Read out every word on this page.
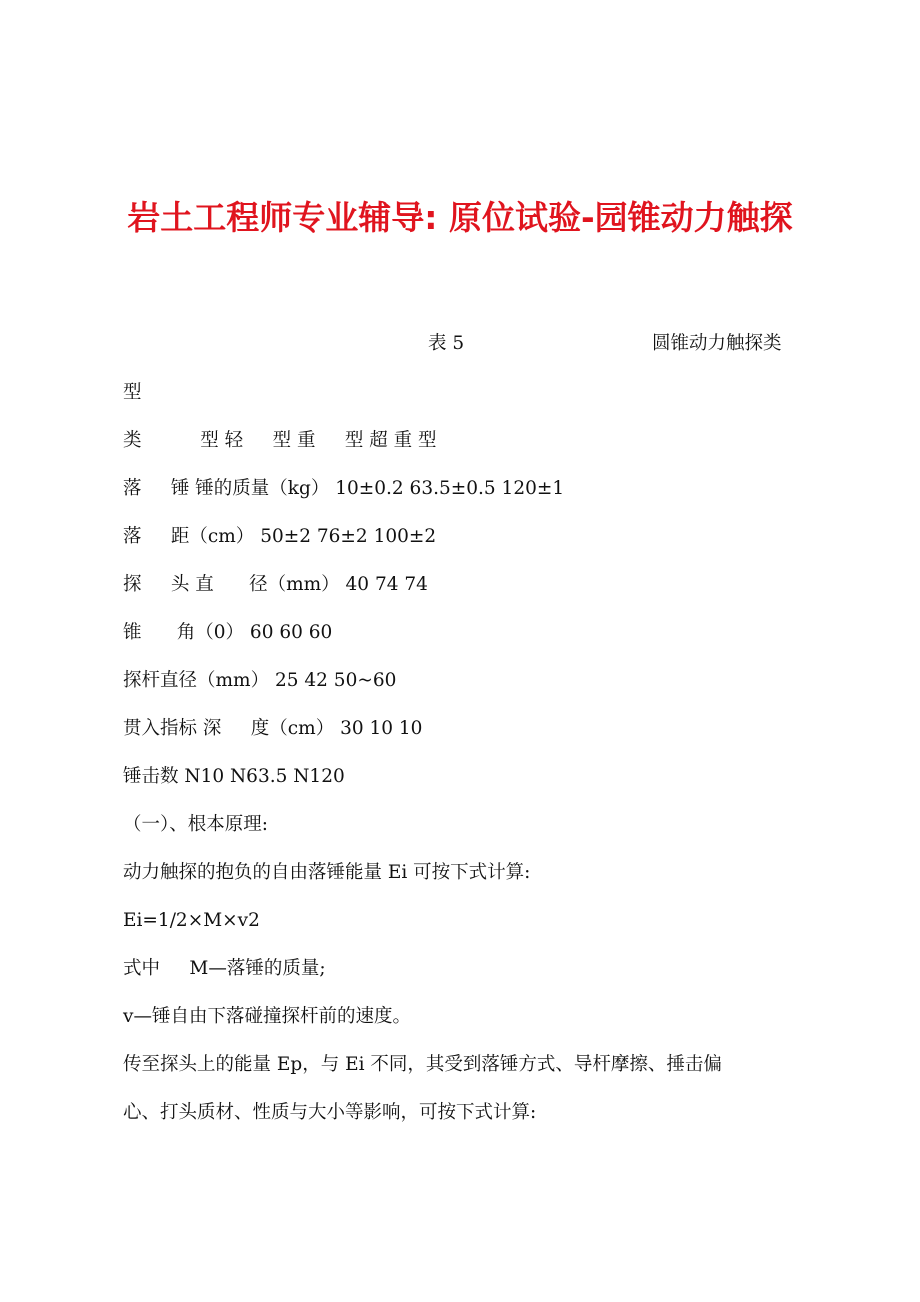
岩土工程师专业辅导: 原位试验-园锥动力触探
表 5	圆锥动力触探类
型
类          型 轻     型 重     型 超 重 型
落     锤 锤的质量（kg） 10±0.2 63.5±0.5 120±1
落     距（cm） 50±2 76±2 100±2
探     头 直      径（mm） 40 74 74
锥      角（0） 60 60 60
探杆直径（mm） 25 42 50~60
贯入指标 深     度（cm） 30 10 10
锤击数 N10 N63.5 N120
（一）、根本原理:
动力触探的抱负的自由落锤能量 Ei 可按下式计算:
Ei=1/2×M×v2
式中     M—落锤的质量;
v—锤自由下落碰撞探杆前的速度。
传至探头上的能量 Ep，与 Ei 不同，其受到落锤方式、导杆摩擦、捶击偏
心、打头质材、性质与大小等影响，可按下式计算:
